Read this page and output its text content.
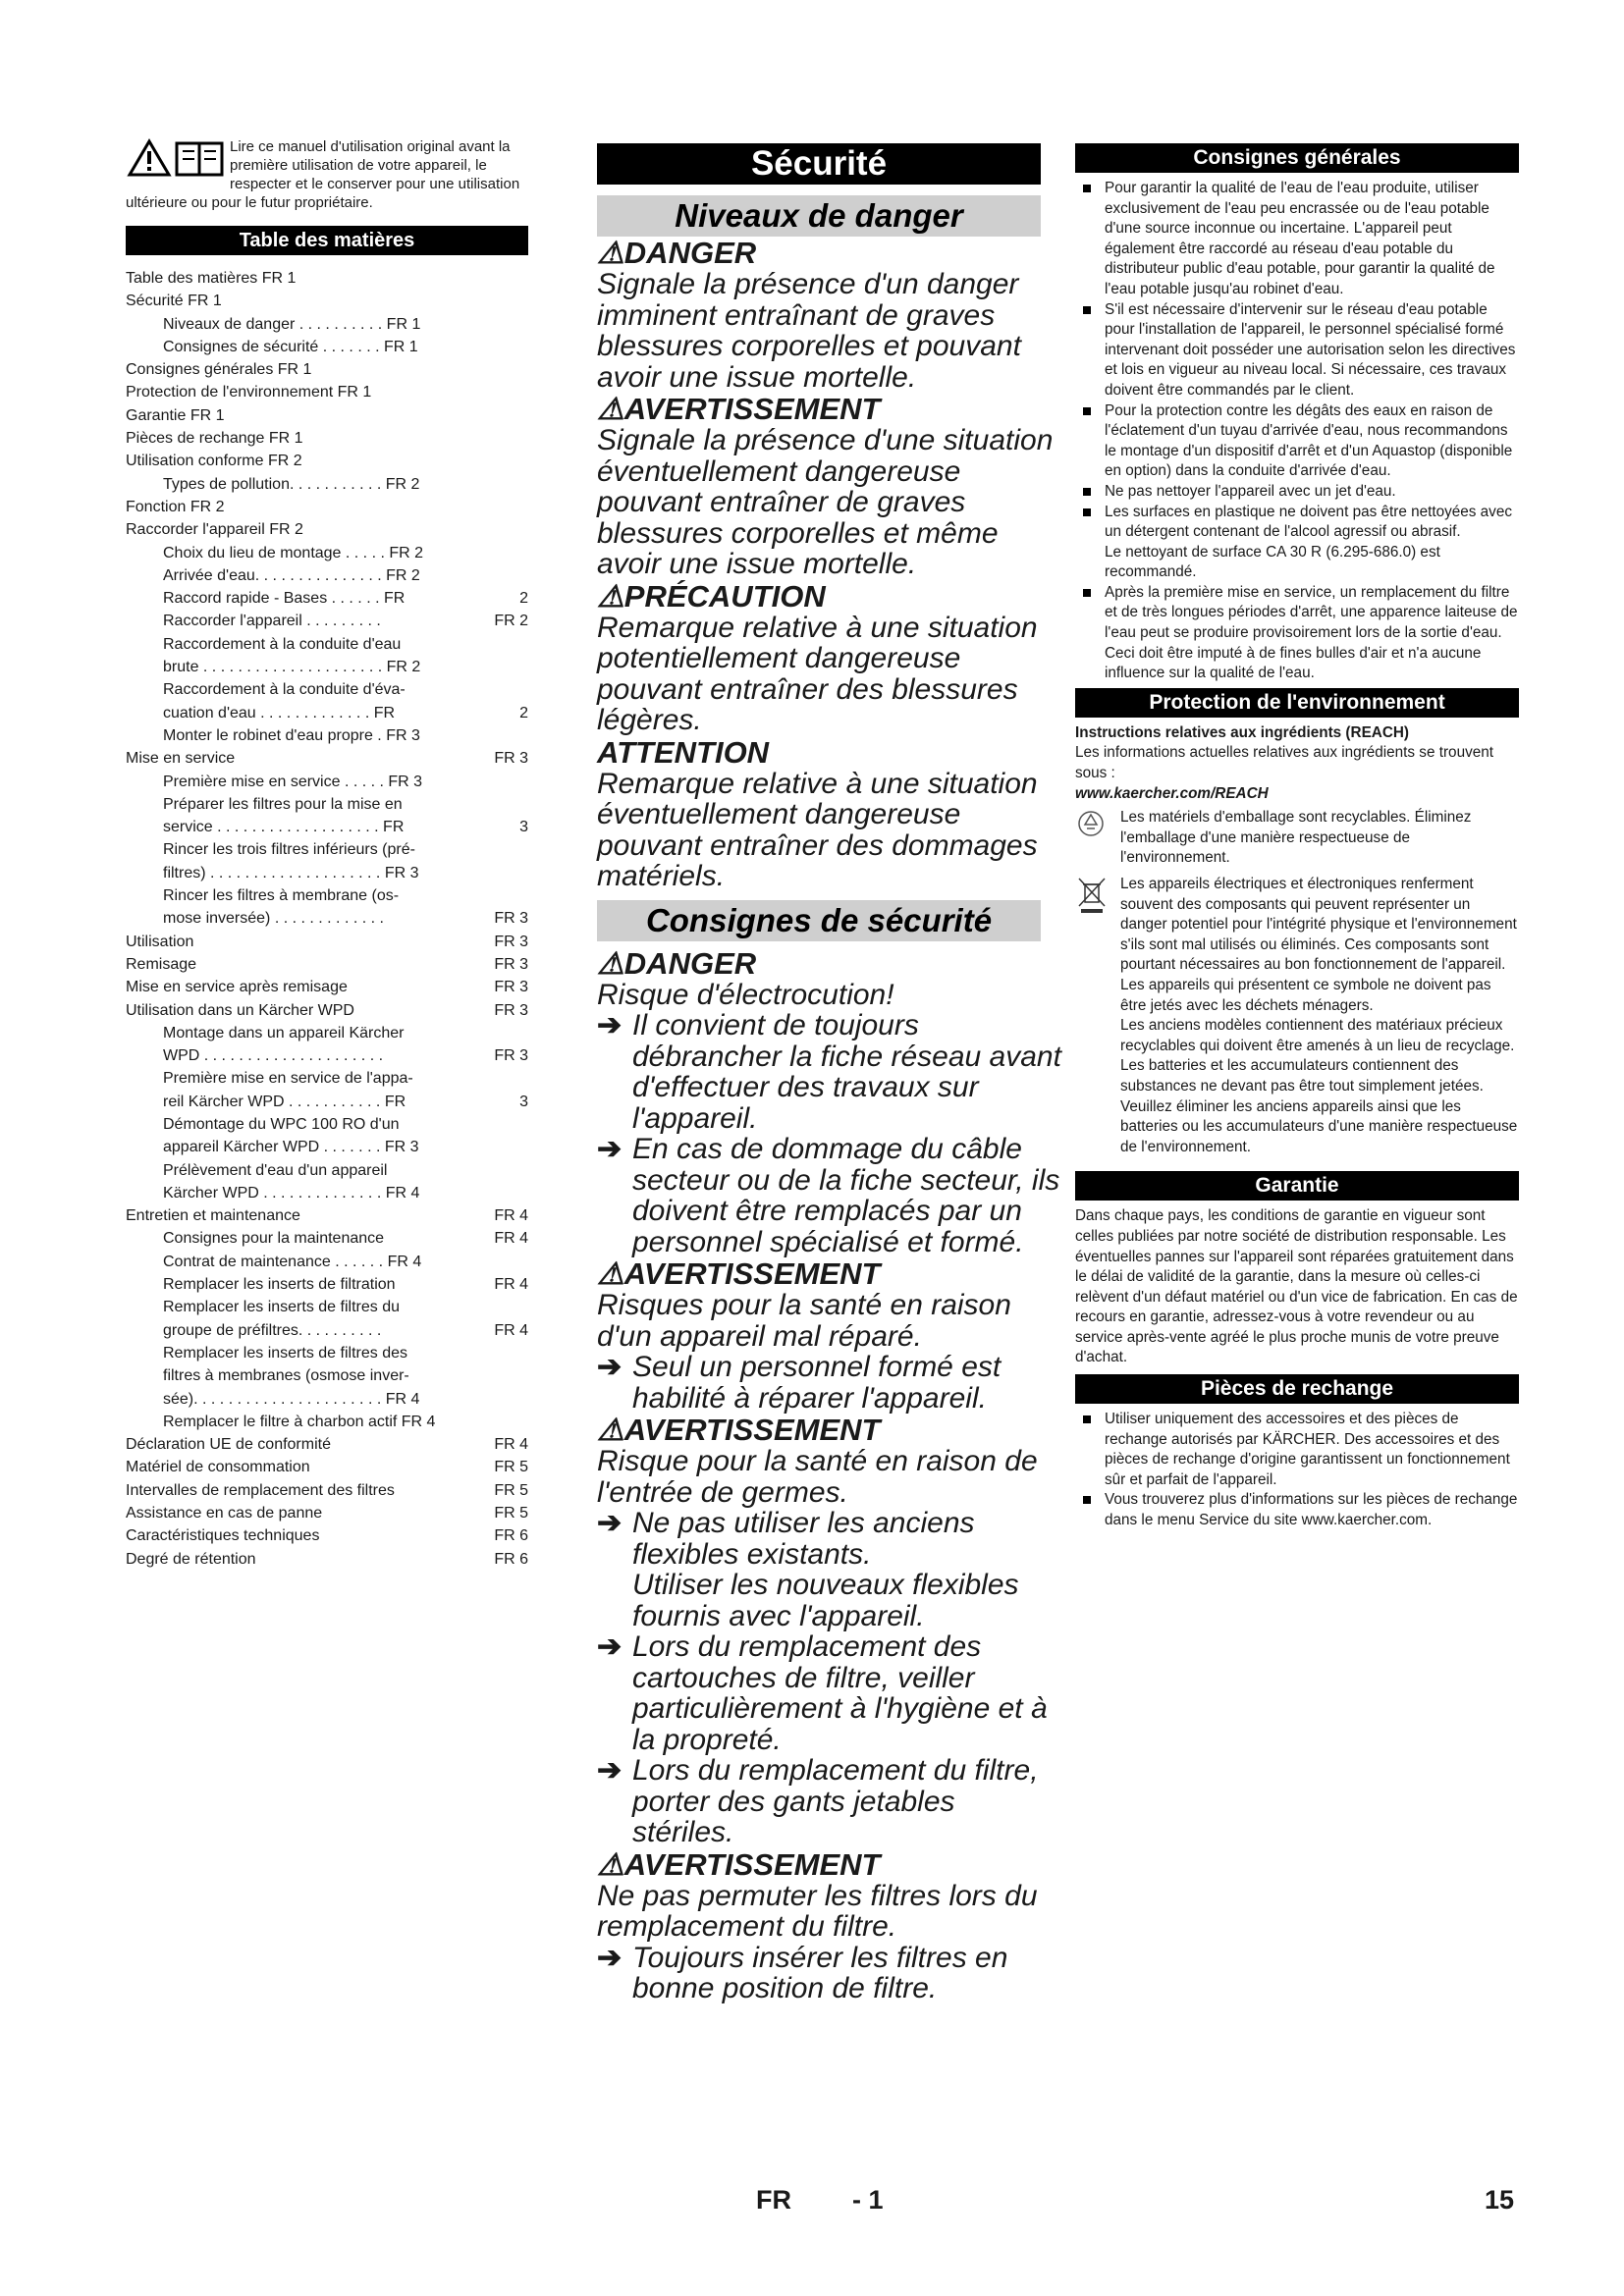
Lire ce manuel d'utilisation original avant la première utilisation de votre appareil, le respecter et le conserver pour une utilisation ultérieure ou pour le futur propriétaire.
Table des matières
Table des matières FR 1
Sécurité FR 1
Niveaux de danger . . . . . . . . . . FR 1
Consignes de sécurité . . . . . . . FR 1
Consignes générales FR 1
Protection de l'environnement FR 1
Garantie FR 1
Pièces de rechange FR 1
Utilisation conforme FR 2
Types de pollution. . . . . . . . . . . FR 2
Fonction FR 2
Raccorder l'appareil FR 2
Choix du lieu de montage . . . . . FR 2
Arrivée d'eau. . . . . . . . . . . . . . . FR 2
Raccord rapide - Bases . . . . . . FR	2
Raccorder l'appareil . . . . . . . . .	FR 2
Raccordement à la conduite d'eau
brute . . . . . . . . . . . . . . . . . . . . . FR 2
Raccordement à la conduite d'éva-
cuation d'eau . . . . . . . . . . . . . FR	2
Monter le robinet d'eau propre . FR 3
Mise en service	FR 3
Première mise en service . . . . . FR 3
Préparer les filtres pour la mise en
service . . . . . . . . . . . . . . . . . . . FR	3
Rincer les trois filtres inférieurs (pré-
filtres) . . . . . . . . . . . . . . . . . . . . FR 3
Rincer les filtres à membrane (os-
mose inversée) . . . . . . . . . . . . .	FR 3
Utilisation	FR 3
Remisage	FR 3
Mise en service après remisage	FR 3
Utilisation dans un Kärcher WPD	FR 3
Montage dans un appareil Kärcher
WPD . . . . . . . . . . . . . . . . . . . . .	FR 3
Première mise en service de l'appa-
reil Kärcher WPD . . . . . . . . . . . FR	3
Démontage du WPC 100 RO d'un
appareil Kärcher WPD . . . . . . . FR 3
Prélèvement d'eau d'un appareil
Kärcher WPD . . . . . . . . . . . . . . FR 4
Entretien et maintenance	FR 4
Consignes pour la maintenance	FR 4
Contrat de maintenance . . . . . . FR 4
Remplacer les inserts de filtration	FR 4
Remplacer les inserts de filtres du
groupe de préfiltres. . . . . . . . . .	FR 4
Remplacer les inserts de filtres des
filtres à membranes (osmose inver-
sée). . . . . . . . . . . . . . . . . . . . . . FR 4
Remplacer le filtre à charbon actif FR 4
Déclaration UE de conformité	FR 4
Matériel de consommation	FR 5
Intervalles de remplacement des filtres	FR 5
Assistance en cas de panne	FR 5
Caractéristiques techniques	FR 6
Degré de rétention	FR 6
Sécurité
Niveaux de danger
⚠DANGER
Signale la présence d'un danger imminent entraînant de graves blessures corporelles et pouvant avoir une issue mortelle.
⚠AVERTISSEMENT
Signale la présence d'une situation éventuellement dangereuse pouvant entraîner de graves blessures corporelles et même avoir une issue mortelle.
⚠PRÉCAUTION
Remarque relative à une situation potentiellement dangereuse pouvant entraîner des blessures légères.
ATTENTION
Remarque relative à une situation éventuellement dangereuse pouvant entraîner des dommages matériels.
Consignes de sécurité
⚠DANGER
Risque d'électrocution!
➔ Il convient de toujours débrancher la fiche réseau avant d'effectuer des travaux sur l'appareil.
➔ En cas de dommage du câble secteur ou de la fiche secteur, ils doivent être remplacés par un personnel spécialisé et formé.
⚠AVERTISSEMENT
Risques pour la santé en raison d'un appareil mal réparé.
➔ Seul un personnel formé est habilité à réparer l'appareil.
⚠AVERTISSEMENT
Risque pour la santé en raison de l'entrée de germes.
➔ Ne pas utiliser les anciens flexibles existants.
Utiliser les nouveaux flexibles fournis avec l'appareil.
➔ Lors du remplacement des cartouches de filtre, veiller particulièrement à l'hygiène et à la propreté.
➔ Lors du remplacement du filtre, porter des gants jetables stériles.
⚠AVERTISSEMENT
Ne pas permuter les filtres lors du remplacement du filtre.
➔ Toujours insérer les filtres en bonne position de filtre.
Consignes générales
Pour garantir la qualité de l'eau de l'eau produite, utiliser exclusivement de l'eau peu encrassée ou de l'eau potable d'une source inconnue ou incertaine. L'appareil peut également être raccordé au réseau d'eau potable du distributeur public d'eau potable, pour garantir la qualité de l'eau potable jusqu'au robinet d'eau.
S'il est nécessaire d'intervenir sur le réseau d'eau potable pour l'installation de l'appareil, le personnel spécialisé formé intervenant doit posséder une autorisation selon les directives et lois en vigueur au niveau local. Si nécessaire, ces travaux doivent être commandés par le client.
Pour la protection contre les dégâts des eaux en raison de l'éclatement d'un tuyau d'arrivée d'eau, nous recommandons le montage d'un dispositif d'arrêt et d'un Aquastop (disponible en option) dans la conduite d'arrivée d'eau.
Ne pas nettoyer l'appareil avec un jet d'eau.
Les surfaces en plastique ne doivent pas être nettoyées avec un détergent contenant de l'alcool agressif ou abrasif.
Le nettoyant de surface CA 30 R (6.295-686.0) est recommandé.
Après la première mise en service, un remplacement du filtre et de très longues périodes d'arrêt, une apparence laiteuse de l'eau peut se produire provisoirement lors de la sortie d'eau. Ceci doit être imputé à de fines bulles d'air et n'a aucune influence sur la qualité de l'eau.
Protection de l'environnement
Instructions relatives aux ingrédients (REACH)
Les informations actuelles relatives aux ingrédients se trouvent sous :
www.kaercher.com/REACH
Les matériels d'emballage sont recyclables. Éliminez l'emballage d'une manière respectueuse de l'environnement.
Les appareils électriques et électroniques renferment souvent des composants qui peuvent représenter un danger potentiel pour l'intégrité physique et l'environnement s'ils sont mal utilisés ou éliminés. Ces composants sont pourtant nécessaires au bon fonctionnement de l'appareil. Les appareils qui présentent ce symbole ne doivent pas être jetés avec les déchets ménagers.
Les anciens modèles contiennent des matériaux précieux recyclables qui doivent être amenés à un lieu de recyclage. Les batteries et les accumulateurs contiennent des substances ne devant pas être tout simplement jetées. Veuillez éliminer les anciens appareils ainsi que les batteries ou les accumulateurs d'une manière respectueuse de l'environnement.
Garantie
Dans chaque pays, les conditions de garantie en vigueur sont celles publiées par notre société de distribution responsable. Les éventuelles pannes sur l'appareil sont réparées gratuitement dans le délai de validité de la garantie, dans la mesure où celles-ci relèvent d'un défaut matériel ou d'un vice de fabrication. En cas de recours en garantie, adressez-vous à votre revendeur ou au service après-vente agréé le plus proche munis de votre preuve d'achat.
Pièces de rechange
Utiliser uniquement des accessoires et des pièces de rechange autorisés par KÄRCHER. Des accessoires et des pièces de rechange d'origine garantissent un fonctionnement sûr et parfait de l'appareil.
Vous trouverez plus d'informations sur les pièces de rechange dans le menu Service du site www.kaercher.com.
FR - 1	15
